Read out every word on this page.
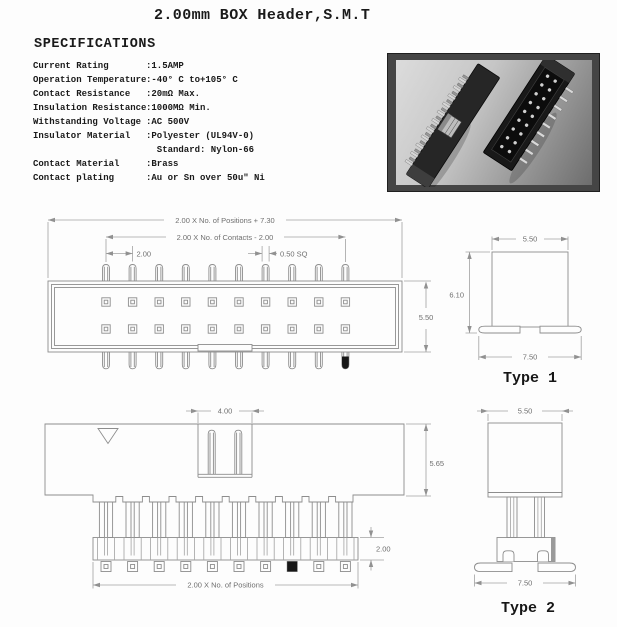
2.00mm BOX Header,S.M.T
SPECIFICATIONS
Current Rating	:1.5AMP
Operation Temperature :-40° C to+105° C
Contact Resistance	:20mΩ Max.
Insulation Resistance :1000MΩ Min.
Withstanding Voltage :AC 500V
Insulator Material	:Polyester (UL94V-0)
Standard: Nylon-66
Contact Material	:Brass
Contact plating	:Au or Sn over 50u" Ni
2.00 X No. of Positions + 7.30
2.00 X No. of Contacts - 2.00
2.00	0.50 SQ
5.50
5.50
6.10
7.50
Type 1
4.00
5.65
2.00
2.00 X No. of Positions
5.50
7.50
Type 2
